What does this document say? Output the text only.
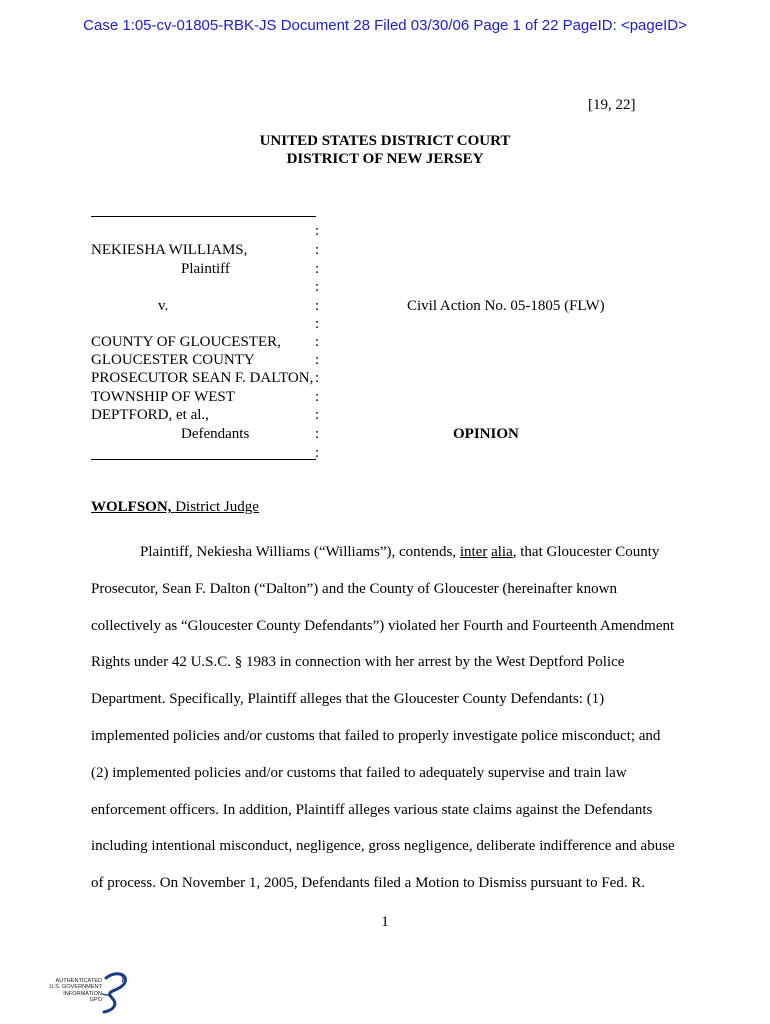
Case 1:05-cv-01805-RBK-JS Document 28 Filed 03/30/06 Page 1 of 22 PageID: <pageID>
[19, 22]
UNITED STATES DISTRICT COURT
DISTRICT OF NEW JERSEY
NEKIESHA WILLIAMS,
Plaintiff
v.
COUNTY OF GLOUCESTER,
GLOUCESTER COUNTY
PROSECUTOR SEAN F. DALTON,
TOWNSHIP OF WEST
DEPTFORD, et al.,
Defendants
:
:
:
:
:
:
:
:
:
:
:
:
:
Civil Action No. 05-1805 (FLW)
OPINION
WOLFSON, District Judge
Plaintiff, Nekiesha Williams (“Williams”), contends, inter alia, that Gloucester County
Prosecutor, Sean F. Dalton (“Dalton”) and the County of Gloucester (hereinafter known
collectively as “Gloucester County Defendants”) violated her Fourth and Fourteenth Amendment
Rights under 42 U.S.C. § 1983 in connection with her arrest by the West Deptford Police
Department. Specifically, Plaintiff alleges that the Gloucester County Defendants: (1)
implemented policies and/or customs that failed to properly investigate police misconduct; and
(2) implemented policies and/or customs that failed to adequately supervise and train law
enforcement officers. In addition, Plaintiff alleges various state claims against the Defendants
including intentional misconduct, negligence, gross negligence, deliberate indifference and abuse
of process. On November 1, 2005, Defendants filed a Motion to Dismiss pursuant to Fed. R.
1
AUTHENTICATED
U.S. GOVERNMENT
INFORMATION
GPO
